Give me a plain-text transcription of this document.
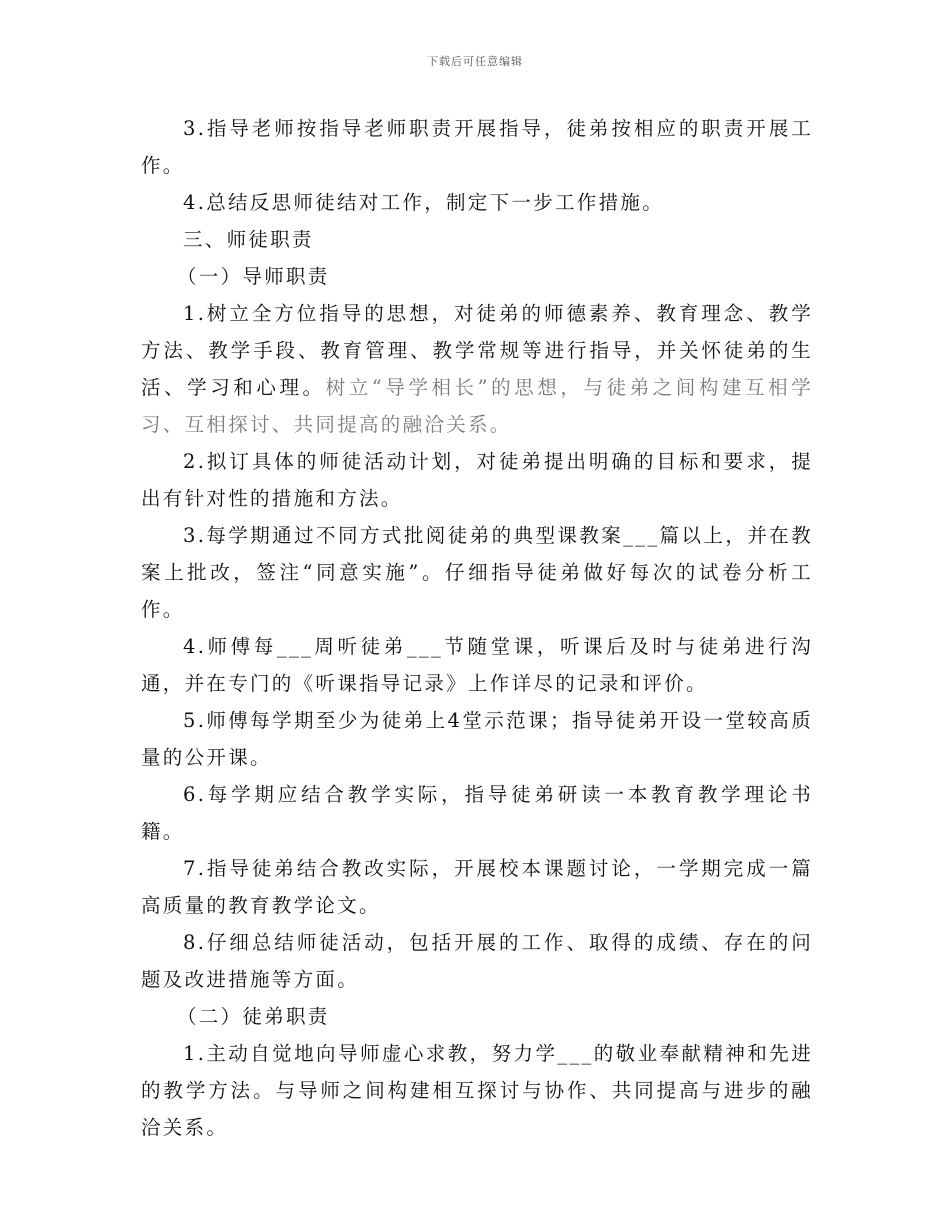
下载后可任意编辑

3.指导老师按指导老师职责开展指导，徒弟按相应的职责开展工作。

4.总结反思师徒结对工作，制定下一步工作措施。

三、师徒职责

（一）导师职责

1.树立全方位指导的思想，对徒弟的师德素养、教育理念、教学方法、教学手段、教育管理、教学常规等进行指导，并关怀徒弟的生活、学习和心理。树立“导学相长”的思想，与徒弟之间构建互相学习、互相探讨、共同提高的融洽关系。

2.拟订具体的师徒活动计划，对徒弟提出明确的目标和要求，提出有针对性的措施和方法。

3.每学期通过不同方式批阅徒弟的典型课教案___篇以上，并在教案上批改，签注“同意实施”。仔细指导徒弟做好每次的试卷分析工作。

4.师傅每___周听徒弟___节随堂课，听课后及时与徒弟进行沟通，并在专门的《听课指导记录》上作详尽的记录和评价。

5.师傅每学期至少为徒弟上4堂示范课；指导徒弟开设一堂较高质量的公开课。

6.每学期应结合教学实际，指导徒弟研读一本教育教学理论书籍。

7.指导徒弟结合教改实际，开展校本课题讨论，一学期完成一篇高质量的教育教学论文。

8.仔细总结师徒活动，包括开展的工作、取得的成绩、存在的问题及改进措施等方面。

（二）徒弟职责

1.主动自觉地向导师虚心求教，努力学___的敬业奉献精神和先进的教学方法。与导师之间构建相互探讨与协作、共同提高与进步的融洽关系。
